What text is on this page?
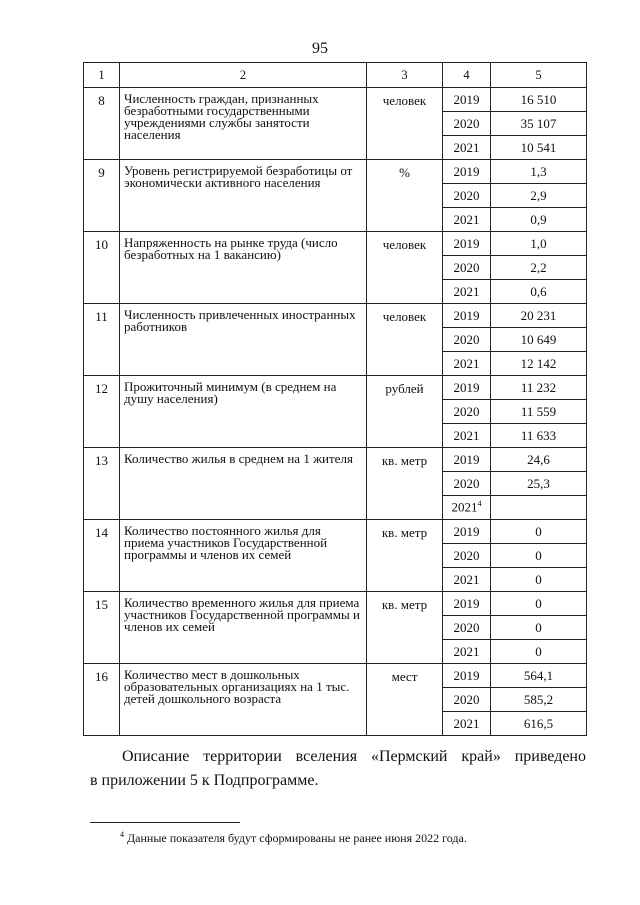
95
1	2	3	4	5
8	Численность граждан, признанных безработными государственными учреждениями службы занятости населения	человек	2019	16 510
			2020	35 107
			2021	10 541
9	Уровень регистрируемой безработицы от экономически активного населения	%	2019	1,3
			2020	2,9
			2021	0,9
10	Напряженность на рынке труда (число безработных на 1 вакансию)	человек	2019	1,0
			2020	2,2
			2021	0,6
11	Численность привлеченных иностранных работников	человек	2019	20 231
			2020	10 649
			2021	12 142
12	Прожиточный минимум (в среднем на душу населения)	рублей	2019	11 232
			2020	11 559
			2021	11 633
13	Количество жилья в среднем на 1 жителя	кв. метр	2019	24,6
			2020	25,3
			2021$^4$	
14	Количество постоянного жилья для приема участников Государственной программы и членов их семей	кв. метр	2019	0
			2020	0
			2021	0
15	Количество временного жилья для приема участников Государственной программы и членов их семей	кв. метр	2019	0
			2020	0
			2021	0
16	Количество мест в дошкольных образовательных организациях на 1 тыс. детей дошкольного возраста	мест	2019	564,1
			2020	585,2
			2021	616,5
Описание территории вселения «Пермский край» приведено
в приложении 5 к Подпрограмме.
$^4$ Данные показателя будут сформированы не ранее июня 2022 года.
